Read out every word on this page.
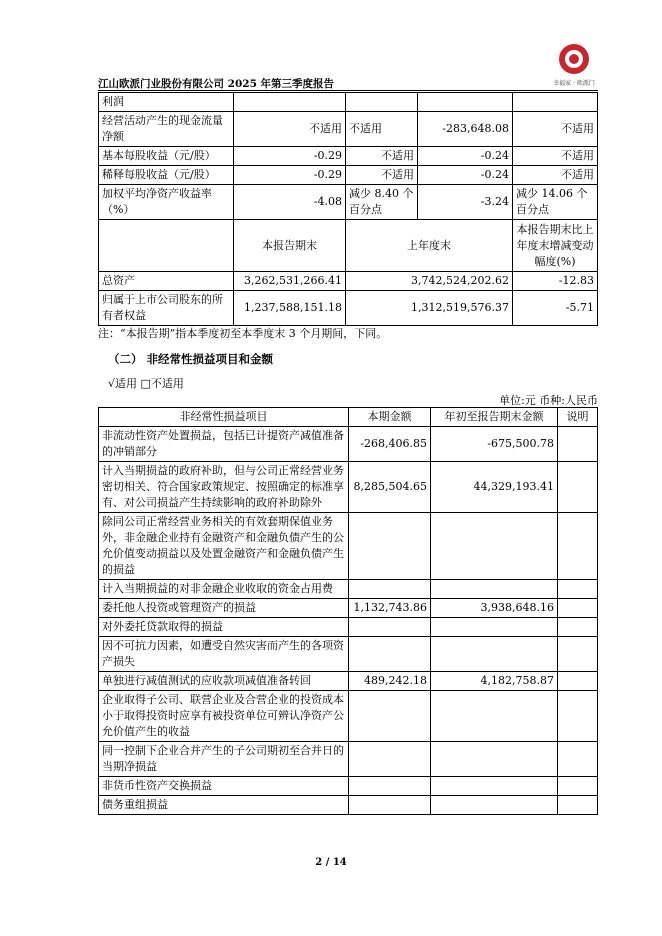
幸福家 · 欧派门
江山欧派门业股份有限公司 2025 年第三季度报告
利润				
经营活动产生的现金流量净额	不适用	不适用	-283,648.08	不适用
基本每股收益（元/股）	-0.29	不适用	-0.24	不适用
稀释每股收益（元/股）	-0.29	不适用	-0.24	不适用
加权平均净资产收益率（%）	-4.08	减少 8.40 个百分点	-3.24	减少 14.06 个百分点
	本报告期末	上年度末		本报告期末比上年度末增减变动幅度(%)
总资产	3,262,531,266.41	3,742,524,202.62		-12.83
归属于上市公司股东的所有者权益	1,237,588,151.18	1,312,519,576.37		-5.71
注：“本报告期”指本季度初至本季度末 3 个月期间，下同。
（二） 非经常性损益项目和金额
√适用 □不适用
单位:元 币种:人民币
非经常性损益项目	本期金额	年初至报告期末金额	说明
非流动性资产处置损益，包括已计提资产减值准备的冲销部分	-268,406.85	-675,500.78	
计入当期损益的政府补助，但与公司正常经营业务密切相关、符合国家政策规定、按照确定的标准享有、对公司损益产生持续影响的政府补助除外	8,285,504.65	44,329,193.41	
除同公司正常经营业务相关的有效套期保值业务外，非金融企业持有金融资产和金融负债产生的公允价值变动损益以及处置金融资产和金融负债产生的损益			
计入当期损益的对非金融企业收取的资金占用费			
委托他人投资或管理资产的损益	1,132,743.86	3,938,648.16	
对外委托贷款取得的损益			
因不可抗力因素，如遭受自然灾害而产生的各项资产损失			
单独进行减值测试的应收款项减值准备转回	489,242.18	4,182,758.87	
企业取得子公司、联营企业及合营企业的投资成本小于取得投资时应享有被投资单位可辨认净资产公允价值产生的收益			
同一控制下企业合并产生的子公司期初至合并日的当期净损益			
非货币性资产交换损益			
债务重组损益			
2 / 14
